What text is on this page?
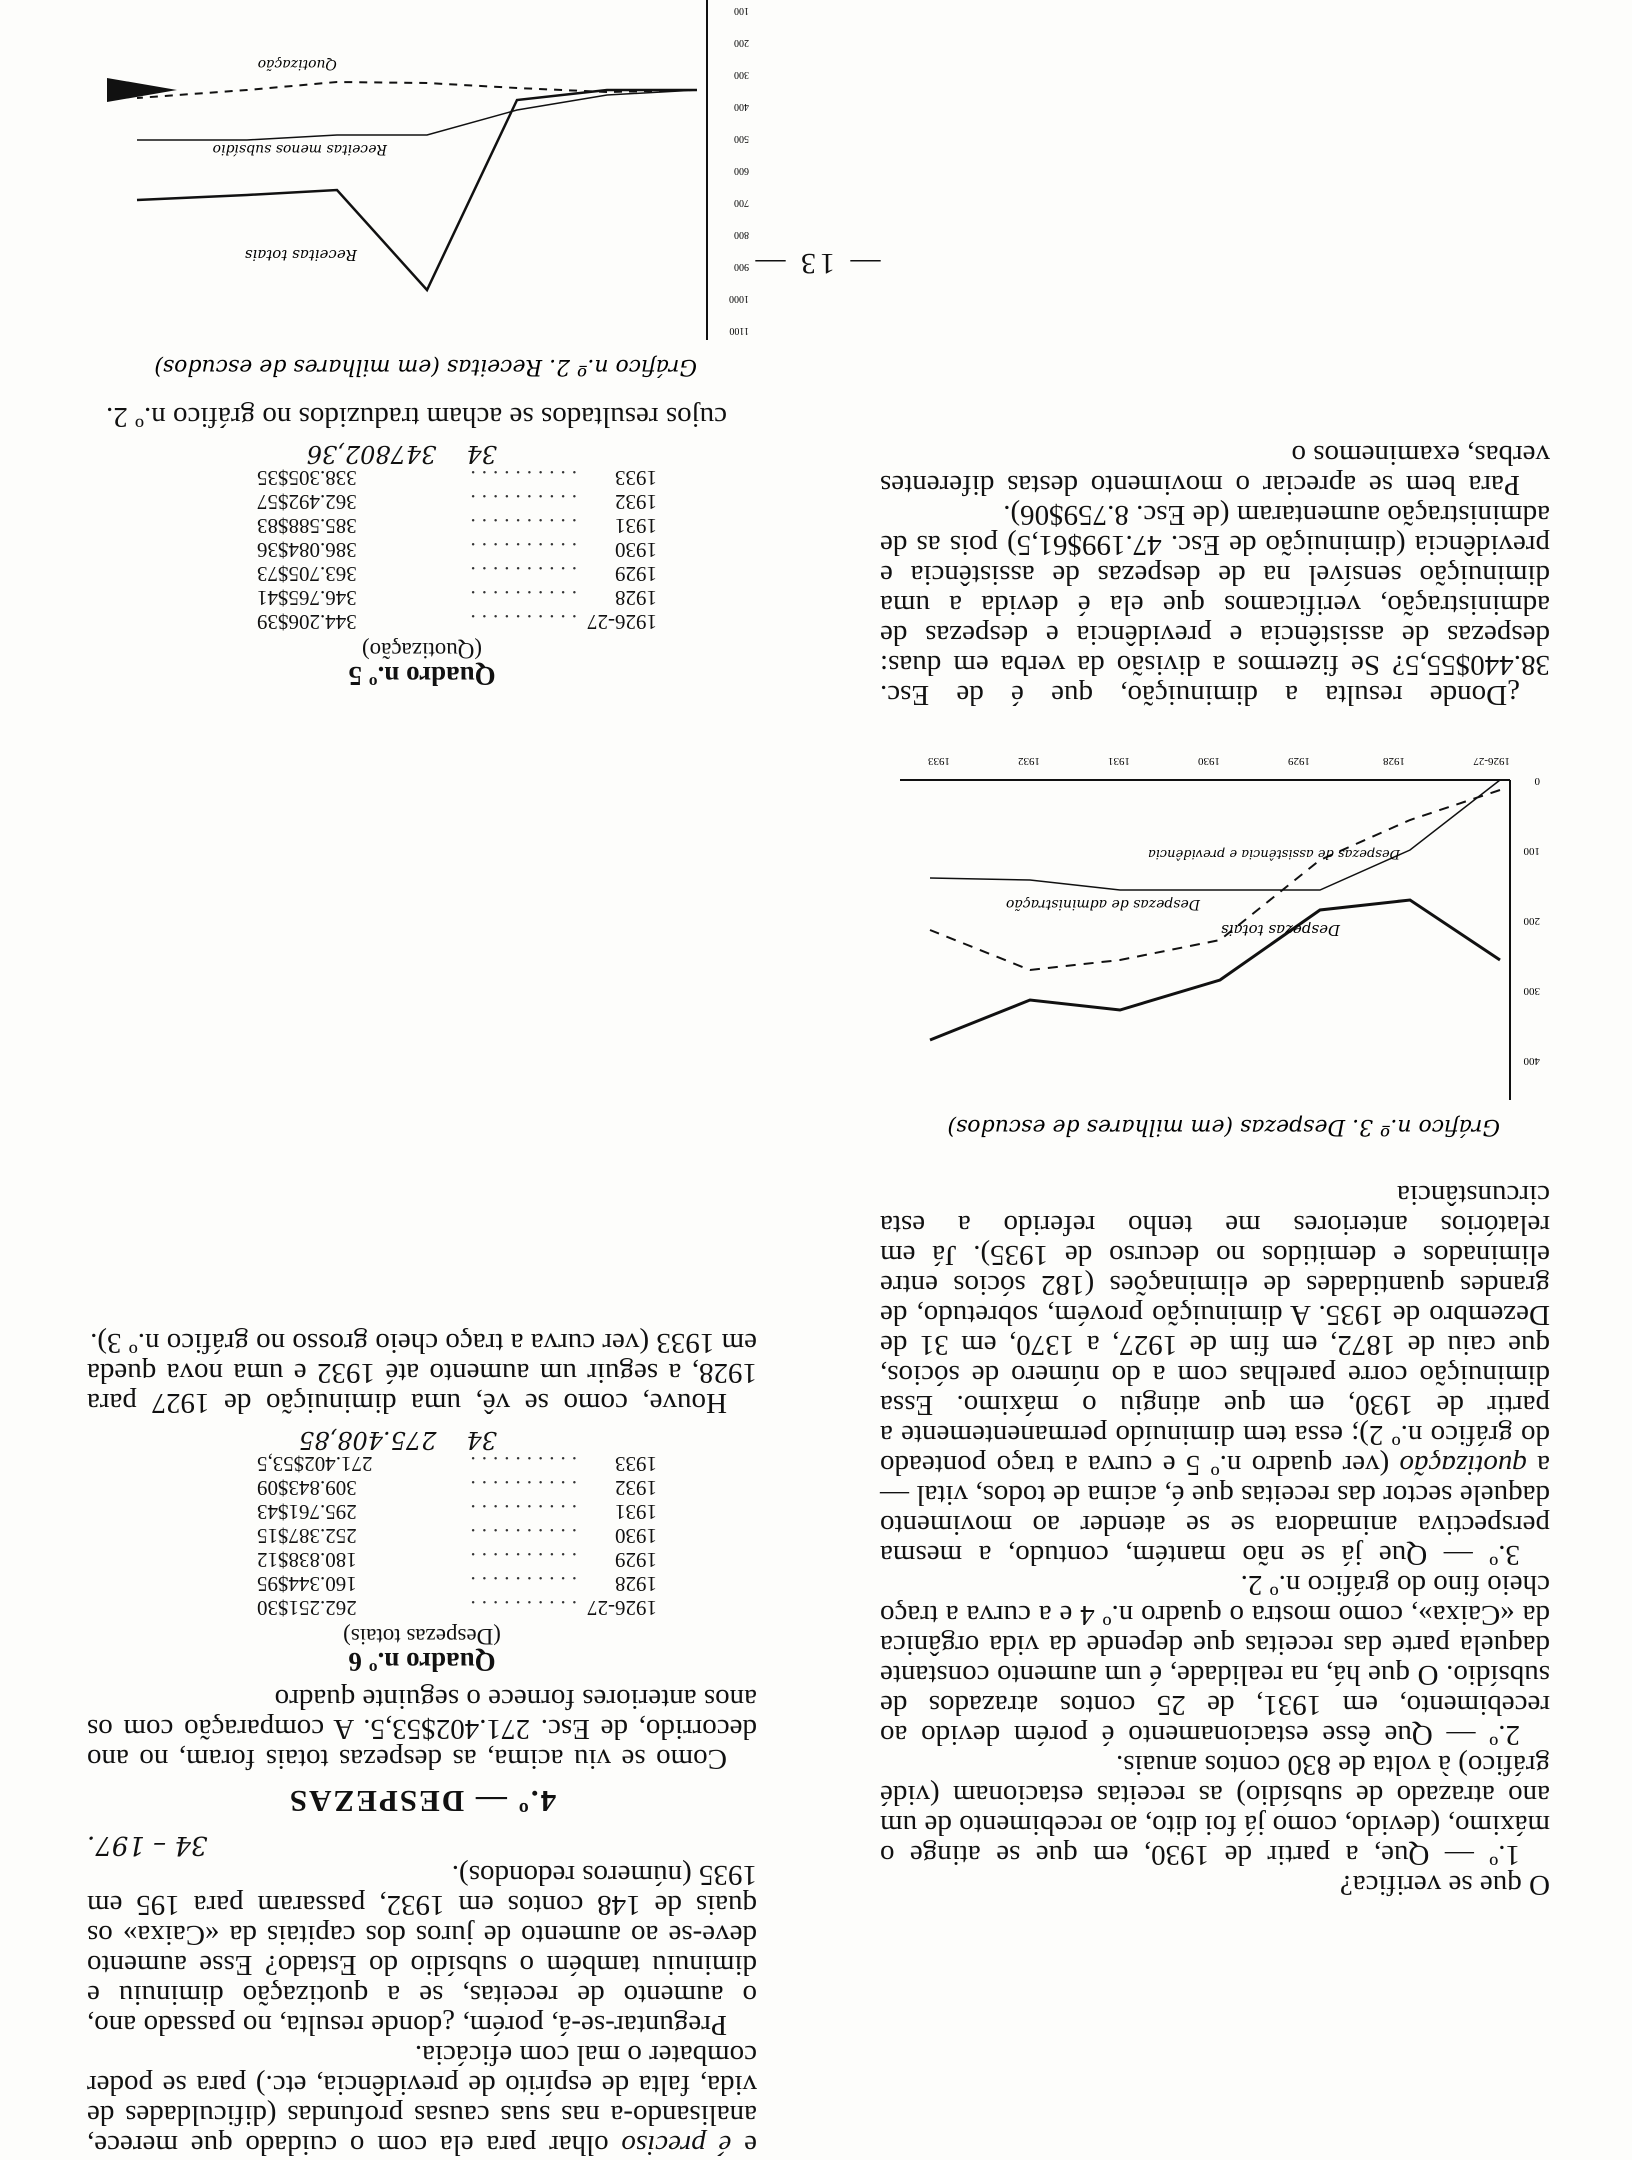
— 13 —

O que se verifica?

1.º — Que, a partir de 1930, em que se atinge o máximo, (devido, como já foi dito, ao recebimento de um ano atrazado de subsídio) as receitas estacionam (vidé gráfico) à volta de 830 contos anuais.

2.º — Que êsse estacionamento é porém devido ao recebimento, em 1931, de 25 contos atrazados de subsídio. O que há, na realidade, é um aumento constante daquela parte das receitas que depende da vida orgânica da «Caixa», como mostra o quadro n.º 4 e a curva a traço cheio fino do gráfico n.º 2.

3.º — Que já se não mantém, contudo, a mesma perspectiva animadora se se atender ao movimento daquele sector das receitas que é, acima de todos, vital — a quotização (ver quadro n.º 5 e curva a traço ponteado do gráfico n.º 2); essa tem diminuído permanentemente a partir de 1930, em que atingiu o máximo. Essa diminuição corre parelhas com a do número de sócios, que caiu de 1872, em fim de 1927, a 1370, em 31 de Dezembro de 1935. A diminuição provém, sobretudo, de grandes quantidades de eliminações (182 sócios entre eliminados e demitidos no decurso de 1935). Já em relatórios anteriores me tenho referido a esta circunstância

Gráfico n.º 3. Despezas (em milhares de escudos)
400
300
200
100
0
1926-27
1928
1929
1930
1931
1932
1933
Despezas totais
Despezas de assistência e previdência
Despezas de administração

¿Donde resulta a diminuição, que é de Esc. 38.440$55,5? Se fizermos a divisão da verba em duas: despezas de assistência e previdência e despezas de administração, verificamos que ela é devida a uma diminuição sensível na de despezas de assistência e previdência (diminuição de Esc. 47.199$61,5) pois as de administração aumentaram (de Esc. 8.759$06).

Para bem se apreciar o movimento destas diferentes verbas, examinemos o

e é preciso olhar para ela com o cuidado que merece, analisando-a nas suas causas profundas (dificuldades de vida, falta de espírito de previdência, etc.) para se poder combater o mal com eficácia.

Preguntar-se-á, porém, ¿donde resulta, no passado ano, o aumento de receitas, se a quotização diminuiu e diminuiu também o subsídio do Estado? Esse aumento deve-se ao aumento de juros dos capitais da «Caixa» os quais de 148 contos em 1932, passaram para 195 em 1935 (números redondos).

34 – 197.
4.º — DESPEZAS

Como se viu acima, as despezas totais foram, no ano decorrido, de Esc. 271.402$53,5. A comparação com os anos anteriores fornece o seguinte quadro

Quadro n.º 6
(Despezas totais)
1926-27
..........
262.251$30
1928
..........
160.344$95
1929
..........
180.838$12
1930
..........
252.387$15
1931
..........
295.761$43
1932
..........
309.843$09
1933
..........
271.402$53,5
34275.408,85

Houve, como se vê, uma diminuição de 1927 para 1928, a seguir um aumento até 1932 e uma nova queda em 1933 (ver curva a traço cheio grosso no gráfico n.º 3).

Quadro n.º 5
(Quotização)
1926-27
..........
344.206$39
1928
..........
346.765$41
1929
..........
363.705$73
1930
..........
386.084$36
1931
..........
385.588$83
1932
..........
362.492$57
1933
..........
338.305$35
34347802,36

cujos resultados se acham traduzidos no gráfico n.º 2.

Gráfico n.º 2. Receitas (em milhares de escudos)
1100
1000
900
800
700
600
500
400
300
200
100
Receitas totais
Receitas menos subsídio
Quotização
